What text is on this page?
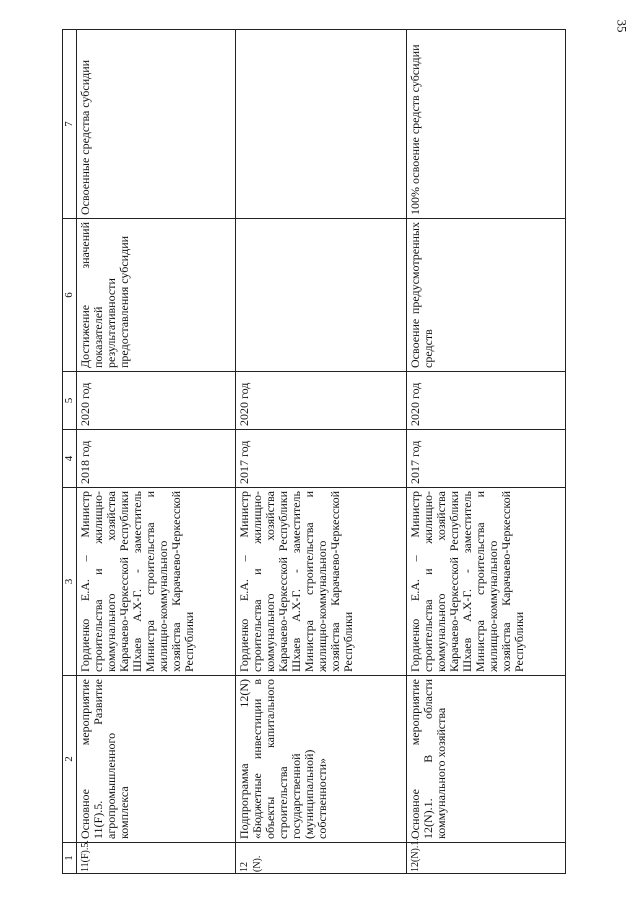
35
1	2	3	4	5	6	7
11(F).5.	Основное мероприятие 11(F).5. Развитие агропромышленного комплекса	Гордиенко Е.А. – Министр строительства и жилищно-коммунального хозяйства Карачаево-Черкесской Республики Шхаев А.Х-Г. - заместитель Министра строительства и жилищно-коммунального хозяйства Карачаево-Черкесской Республики	2018 год	2020 год	Достижение значений показателей результативности предоставления субсидии	Освоенные средства субсидии
12 (N).	Подпрограмма 12(N) «Бюджетные инвестиции в объекты капитального строительства государственной (муниципальной) собственности»	Гордиенко Е.А. – Министр строительства и жилищно-коммунального хозяйства Карачаево-Черкесской Республики Шхаев А.Х-Г. - заместитель Министра строительства и жилищно-коммунального хозяйства Карачаево-Черкесской Республики	2017 год	2020 год		
12(N).1.	Основное мероприятие 12(N).1. В области коммунального хозяйства	Гордиенко Е.А. – Министр строительства и жилищно-коммунального хозяйства Карачаево-Черкесской Республики Шхаев А.Х-Г. - заместитель Министра строительства и жилищно-коммунального хозяйства Карачаево-Черкесской Республики	2017 год	2020 год	Освоение предусмотренных средств	100% освоение средств субсидии
